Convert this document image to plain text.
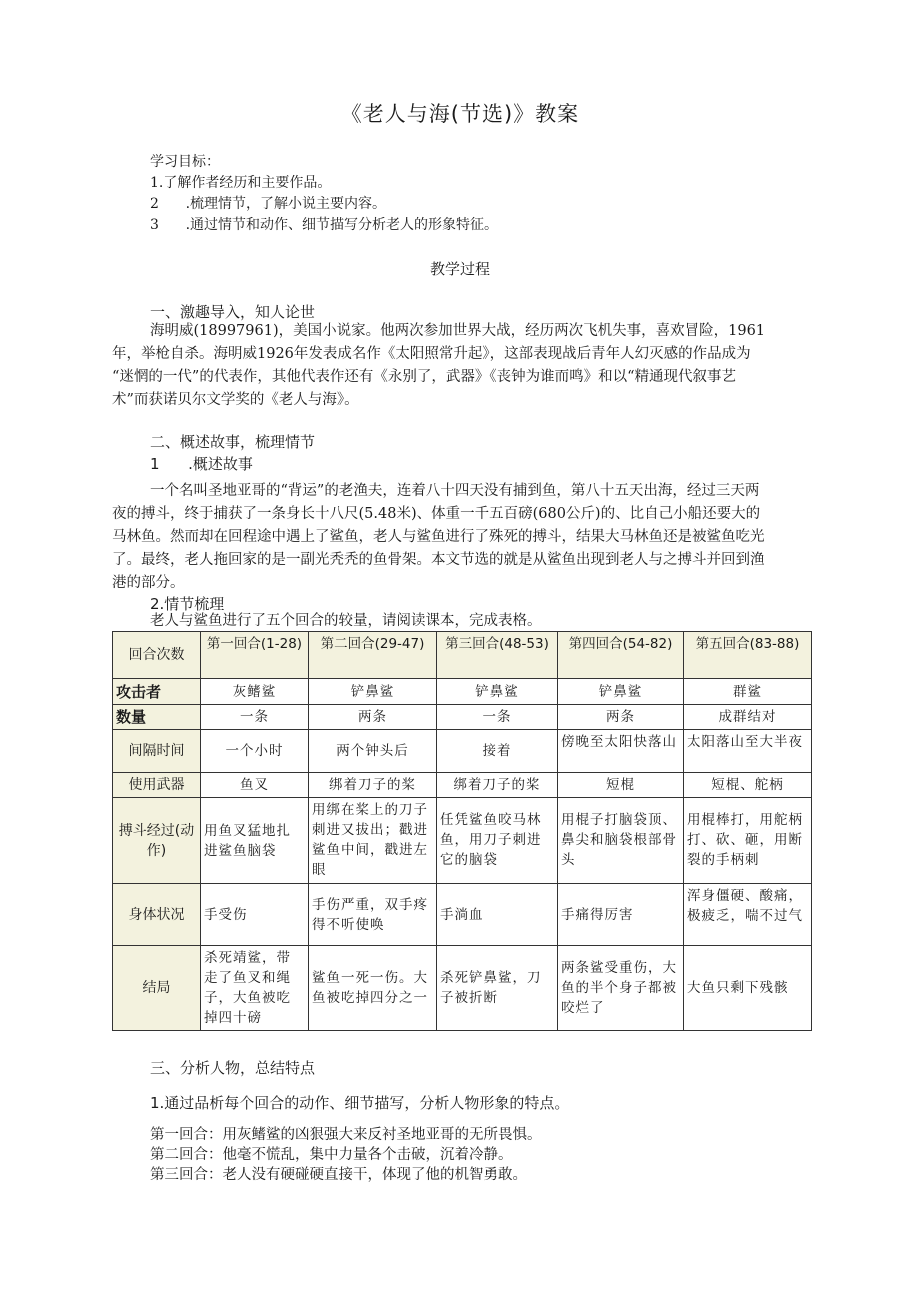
《老人与海(节选)》教案
学习目标：
1.了解作者经历和主要作品。
2	.梳理情节，了解小说主要内容。
3	.通过情节和动作、细节描写分析老人的形象特征。
教学过程
一、激趣导入，知人论世
海明威(18997961)，美国小说家。他两次参加世界大战，经历两次飞机失事，喜欢冒险，1961
年，举枪自杀。海明威1926年发表成名作《太阳照常升起》，这部表现战后青年人幻灭感的作品成为
“迷惘的一代”的代表作，其他代表作还有《永别了，武器》《丧钟为谁而鸣》和以“精通现代叙事艺
术”而获诺贝尔文学奖的《老人与海》。
二、概述故事，梳理情节
1	.概述故事
一个名叫圣地亚哥的“背运”的老渔夫，连着八十四天没有捕到鱼，第八十五天出海，经过三天两
夜的搏斗，终于捕获了一条身长十八尺(5.48米)、体重一千五百磅(680公斤)的、比自己小船还要大的
马林鱼。然而却在回程途中遇上了鲨鱼，老人与鲨鱼进行了殊死的搏斗，结果大马林鱼还是被鲨鱼吃光
了。最终，老人拖回家的是一副光秃秃的鱼骨架。本文节选的就是从鲨鱼出现到老人与之搏斗并回到渔
港的部分。
2.情节梳理
老人与鲨鱼进行了五个回合的较量，请阅读课本，完成表格。
回合次数	第一回合(1-28)	第二回合(29-47)	第三回合(48-53)	第四回合(54-82)	第五回合(83-88)
攻击者	灰鳍鲨	铲鼻鲨	铲鼻鲨	铲鼻鲨	群鲨
数量	一条	两条	一条	两条	成群结对
间隔时间	一个小时	两个钟头后	接着	傍晚至太阳快落山	太阳落山至大半夜
使用武器	鱼叉	绑着刀子的桨	绑着刀子的桨	短棍	短棍、舵柄
搏斗经过(动作)	用鱼叉猛地扎进鲨鱼脑袋	用绑在桨上的刀子刺进又拔出；戳进鲨鱼中间，戳进左眼	任凭鲨鱼咬马林鱼，用刀子刺进它的脑袋	用棍子打脑袋顶、鼻尖和脑袋根部骨头	用棍棒打，用舵柄打、砍、砸，用断裂的手柄刺
身体状况	手受伤	手伤严重，双手疼得不听使唤	手淌血	手痛得厉害	浑身僵硬、酸痛，极疲乏，喘不过气
结局	杀死靖鲨，带走了鱼叉和绳子，大鱼被吃掉四十磅	鲨鱼一死一伤。大鱼被吃掉四分之一	杀死铲鼻鲨，刀子被折断	两条鲨受重伤，大鱼的半个身子都被咬烂了	大鱼只剩下残骸
三、分析人物，总结特点
1.通过品析每个回合的动作、细节描写，分析人物形象的特点。
第一回合：用灰鳍鲨的凶狠强大来反衬圣地亚哥的无所畏惧。
第二回合：他毫不慌乱，集中力量各个击破，沉着冷静。
第三回合：老人没有硬碰硬直接干，体现了他的机智勇敢。
